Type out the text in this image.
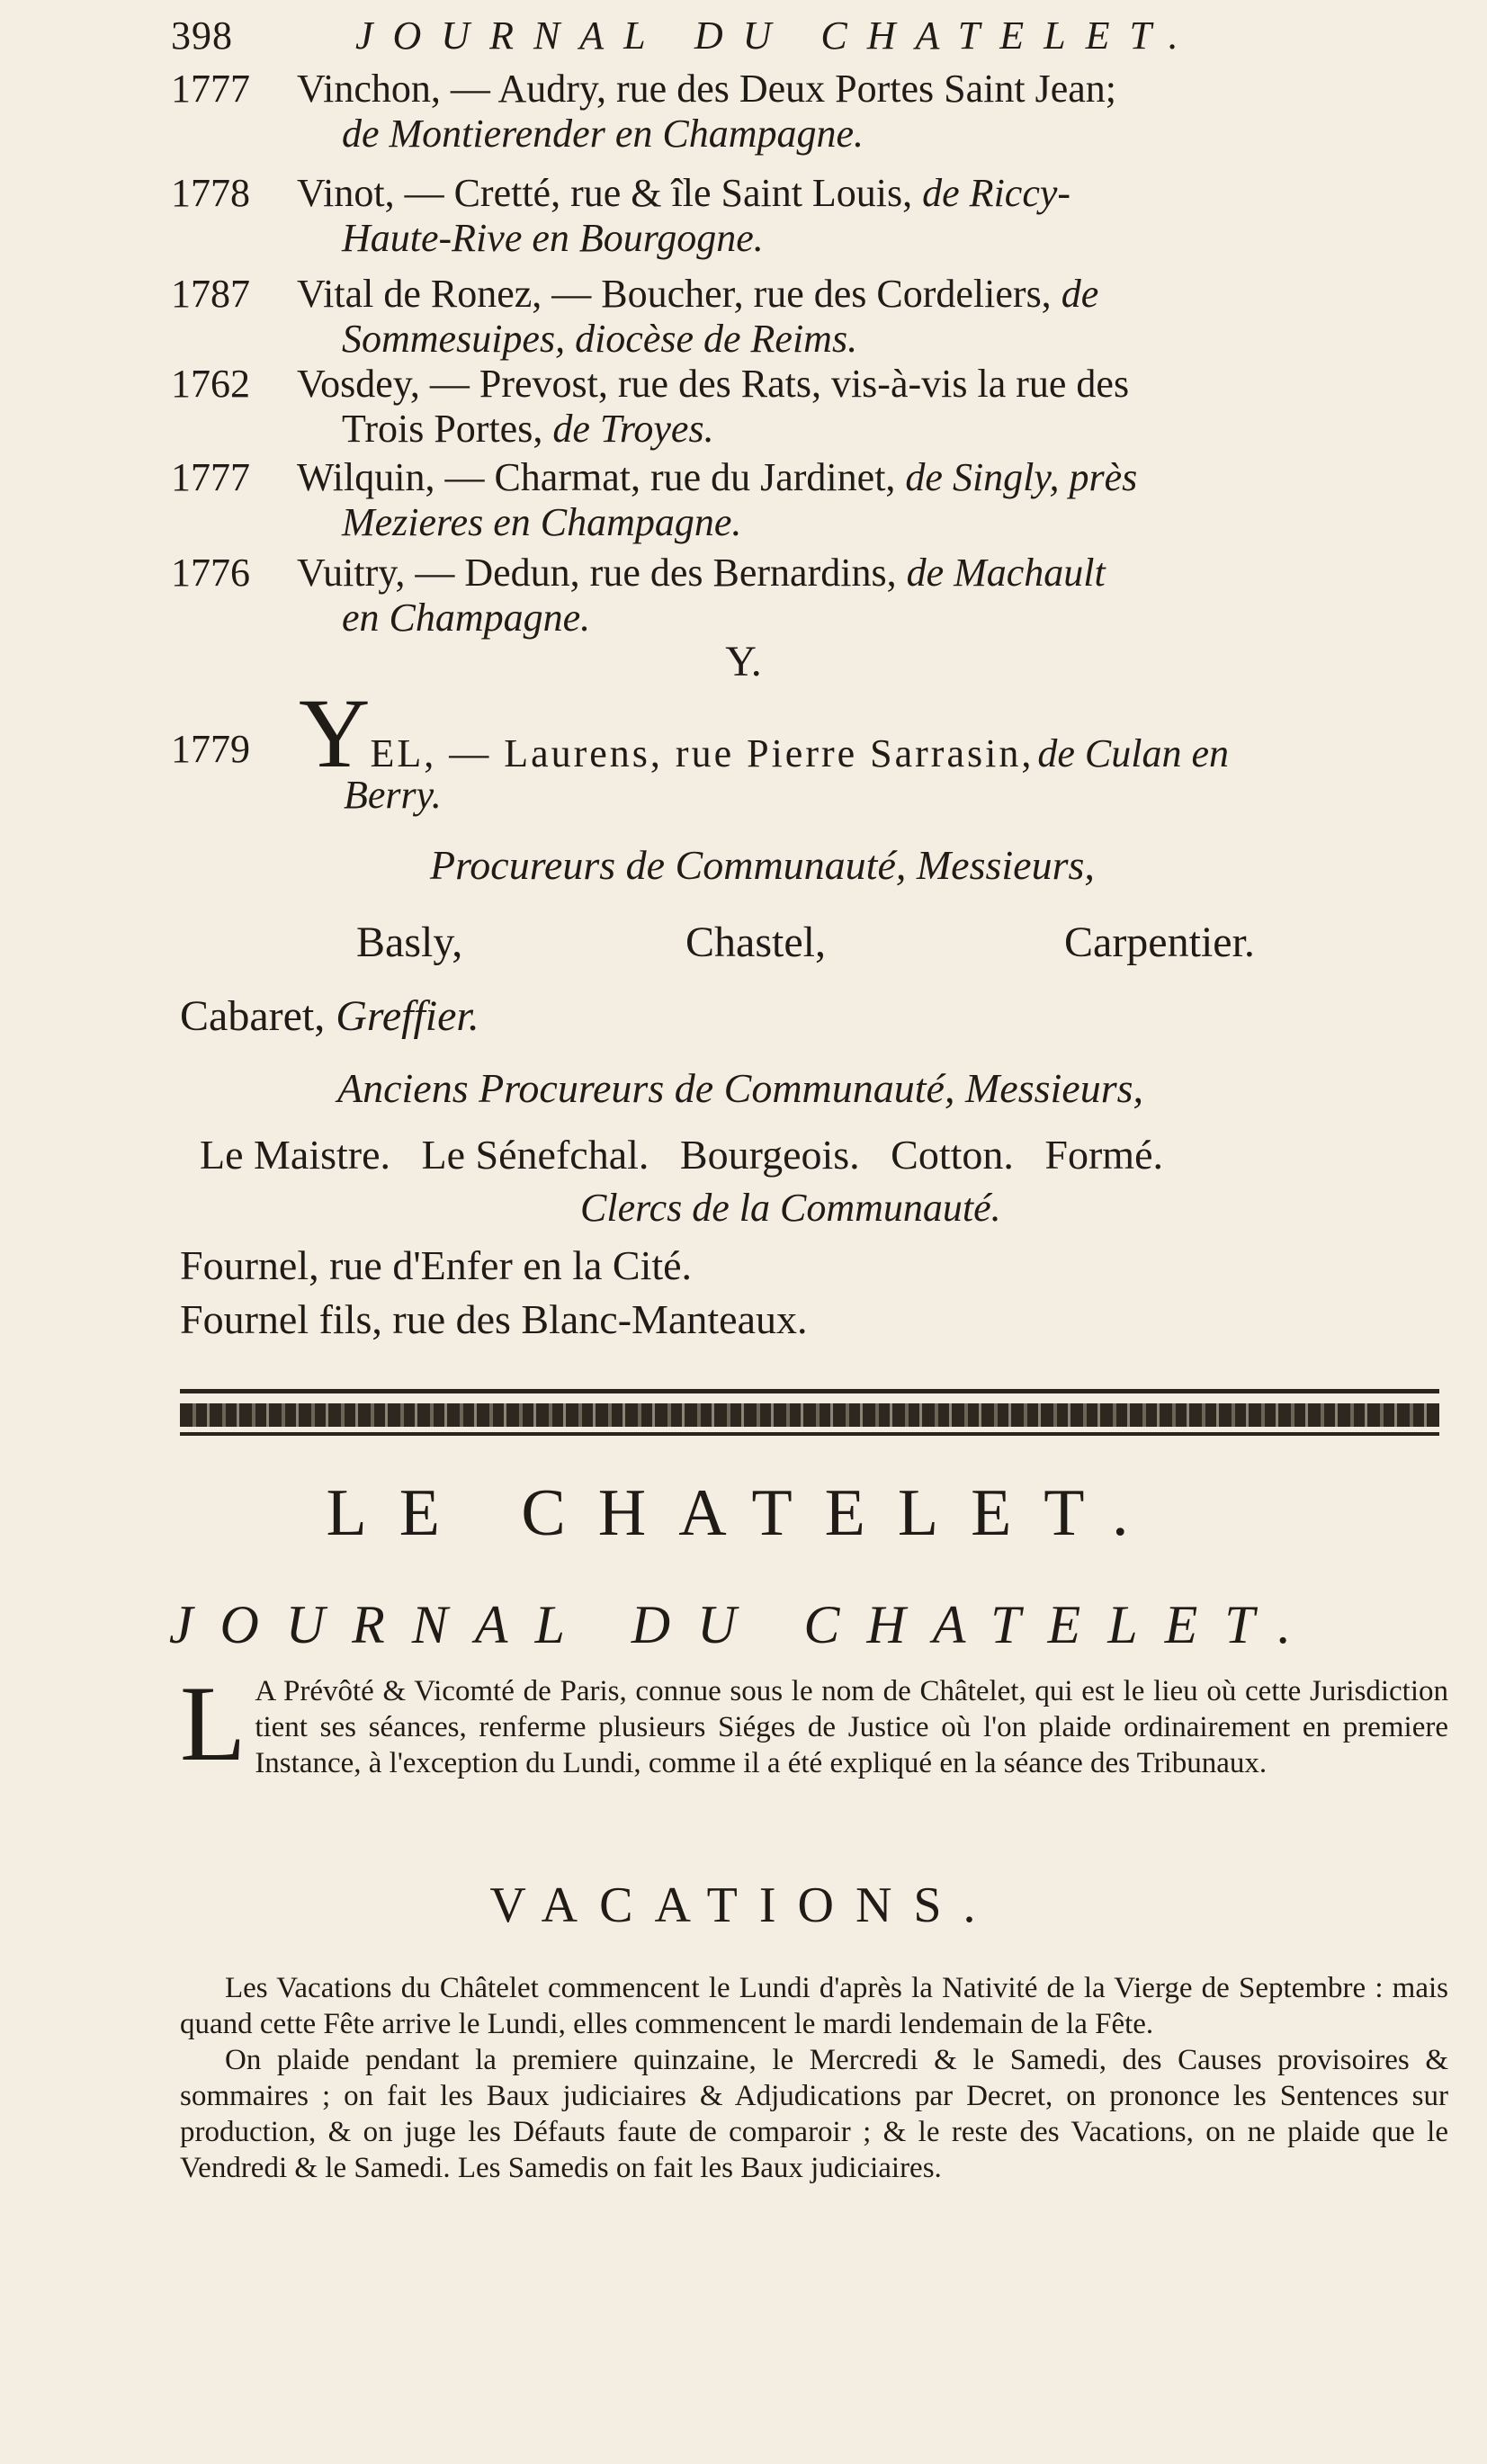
398	JOURNAL DU CHATELET.
1777	Vinchon, — Audry, rue des Deux Portes Saint Jean;
de Montierender en Champagne.
1778	Vinot, — Cretté, rue & île Saint Louis, de Riccy-
Haute-Rive en Bourgogne.
1787	Vital de Ronez, — Boucher, rue des Cordeliers, de
Sommesuipes, diocèse de Reims.
1762	Vosdey, — Prevost, rue des Rats, vis-à-vis la rue des
Trois Portes, de Troyes.
1777	Wilquin, — Charmat, rue du Jardinet, de Singly, près
Mezieres en Champagne.
1776	Vuitry, — Dedun, rue des Bernardins, de Machault
en Champagne.
Y.
1779 YEL, — Laurens, rue Pierre Sarrasin, de Culan en
Berry.
Procureurs de Communauté, Messieurs,
Basly,	Chastel,	Carpentier.
Cabaret, Greffier.
Anciens Procureurs de Communauté, Messieurs,
Le Maistre.   Le Sénefchal.   Bourgeois.   Cotton.   Formé.
Clercs de la Communauté.
Fournel, rue d'Enfer en la Cité.
Fournel fils, rue des Blanc-Manteaux.
LE CHATELET.
JOURNAL DU CHATELET.
L A Prévôté & Vicomté de Paris, connue sous le nom de Châtelet, qui est le lieu où cette Jurisdiction tient ses séances, renferme plusieurs Siéges de Justice où l'on plaide ordinairement en premiere Instance, à l'exception du Lundi, comme il a été expliqué en la séance des Tribunaux.
VACATIONS.

Les Vacations du Châtelet commencent le Lundi d'après la Nativité de la Vierge de Septembre : mais quand cette Fête arrive le Lundi, elles commencent le mardi lendemain de la Fête.

On plaide pendant la premiere quinzaine, le Mercredi & le Samedi, des Causes provisoires & sommaires ; on fait les Baux judiciaires & Adjudications par Decret, on prononce les Sentences sur production, & on juge les Défauts faute de comparoir ; & le reste des Vacations, on ne plaide que le Vendredi & le Samedi. Les Samedis on fait les Baux judiciaires.
